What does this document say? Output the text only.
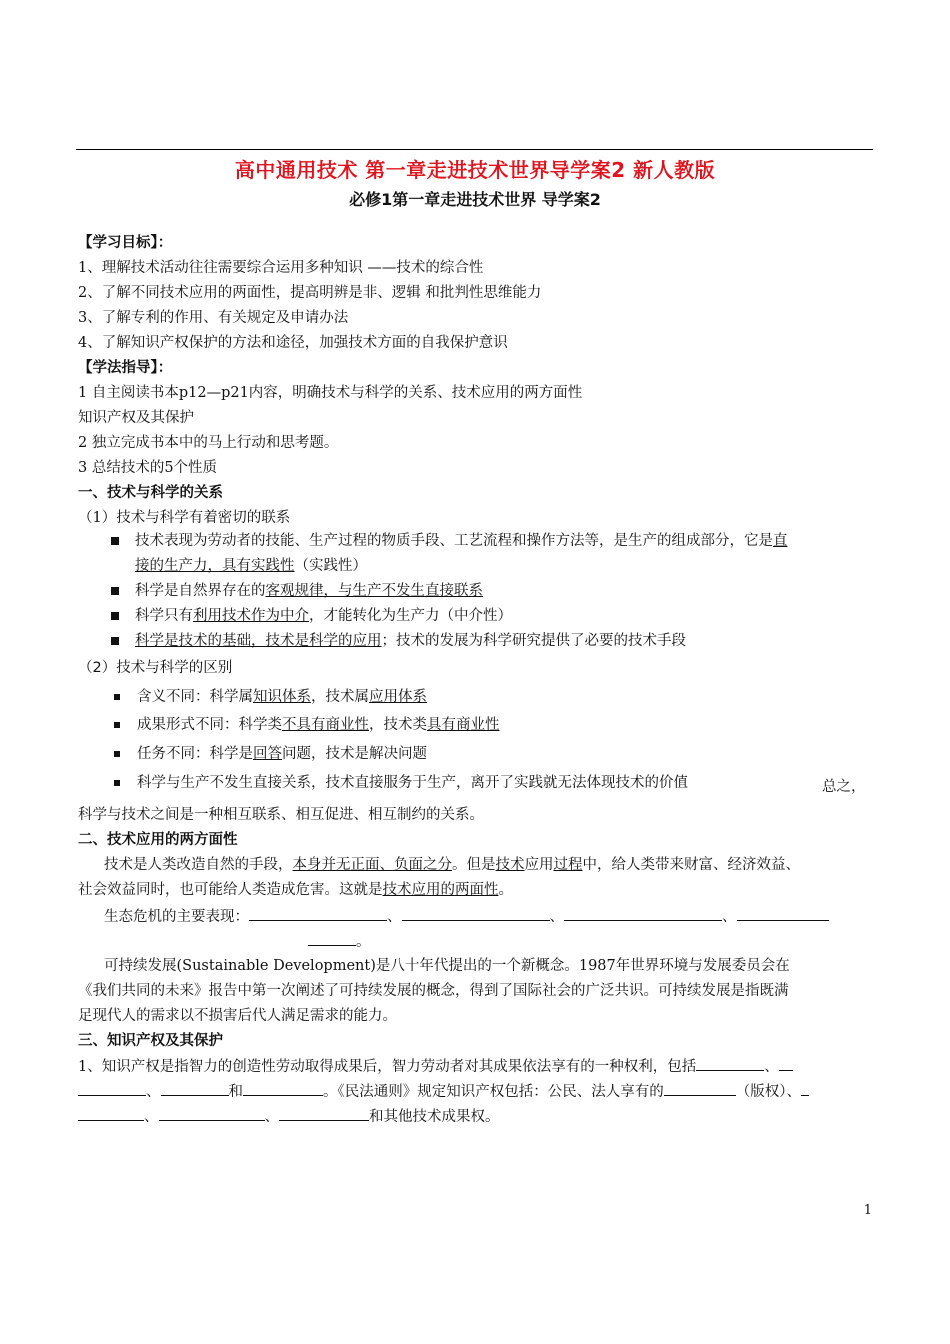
高中通用技术 第一章走进技术世界导学案2 新人教版
必修1第一章走进技术世界 导学案2
【学习目标】：
1、理解技术活动往往需要综合运用多种知识 ——技术的综合性
2、了解不同技术应用的两面性，提高明辨是非、逻辑 和批判性思维能力
3、了解专利的作用、有关规定及申请办法
4、了解知识产权保护的方法和途径，加强技术方面的自我保护意识
【学法指导】：
1 自主阅读书本p12—p21内容，明确技术与科学的关系、技术应用的两方面性
知识产权及其保护
2 独立完成书本中的马上行动和思考题。
3 总结技术的5个性质
一、技术与科学的关系
（1）技术与科学有着密切的联系
技术表现为劳动者的技能、生产过程的物质手段、工艺流程和操作方法等，是生产的组成部分，它是直
接的生产力，具有实践性（实践性）
科学是自然界存在的客观规律，与生产不发生直接联系
科学只有利用技术作为中介，才能转化为生产力（中介性）
科学是技术的基础，技术是科学的应用；技术的发展为科学研究提供了必要的技术手段
（2）技术与科学的区别
含义不同：科学属知识体系，技术属应用体系
成果形式不同：科学类不具有商业性，技术类具有商业性
任务不同：科学是回答问题，技术是解决问题
科学与生产不发生直接关系，技术直接服务于生产，离开了实践就无法体现技术的价值	总之，
科学与技术之间是一种相互联系、相互促进、相互制约的关系。
二、技术应用的两方面性
技术是人类改造自然的手段，本身并无正面、负面之分。但是技术应用过程中，给人类带来财富、经济效益、
社会效益同时，也可能给人类造成危害。这就是技术应用的两面性。
生态危机的主要表现：	、	、	、
。
可持续发展(Sustainable Development)是八十年代提出的一个新概念。1987年世界环境与发展委员会在
《我们共同的未来》报告中第一次阐述了可持续发展的概念，得到了国际社会的广泛共识。可持续发展是指既满
足现代人的需求以不损害后代人满足需求的能力。
三、知识产权及其保护
1、知识产权是指智力的创造性劳动取得成果后，智力劳动者对其成果依法享有的一种权利，包括	、
、	和	。《民法通则》规定知识产权包括：公民、法人享有的	（版权）、
、	、	和其他技术成果权。
1
